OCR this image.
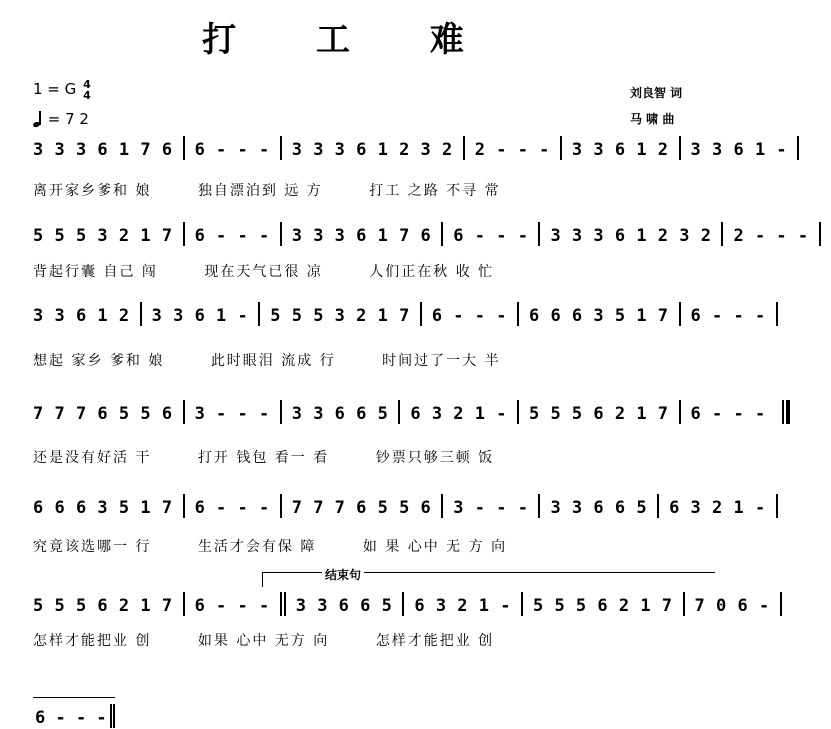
打 工 难
1 = G 4
4
= 7 2
刘良智 词
马 啸 曲
3 3 3 6 1 7 6 6 - - - 3 3 3 6 1 2 3 2 2 - - - 3 3 6 1 2 3 3 6 1 -
离开家乡爹和 娘	独自漂泊到 远 方	打工 之路 不寻 常
5 5 5 3 2 1 7 6 - - - 3 3 3 6 1 7 6 6 - - - 3 3 3 6 1 2 3 2 2 - - -
背起行囊 自己 闯	现在天气已很 凉	人们正在秋 收 忙
3 3 6 1 2 3 3 6 1 - 5 5 5 3 2 1 7 6 - - - 6 6 6 3 5 1 7 6 - - -
想起 家乡 爹和 娘	此时眼泪 流成 行	时间过了一大 半
7 7 7 6 5 5 6 3 - - - 3 3 6 6 5 6 3 2 1 - 5 5 5 6 2 1 7 6 - - -
还是没有好活 干	打开 钱包 看一 看	钞票只够三顿 饭
6 6 6 3 5 1 7 6 - - - 7 7 7 6 5 5 6 3 - - - 3 3 6 6 5 6 3 2 1 -
究竟该选哪一 行	生活才会有保 障	如 果 心中 无 方 向
结束句
5 5 5 6 2 1 7 6 - - - 3 3 6 6 5 6 3 2 1 - 5 5 5 6 2 1 7 7 0 6 -
怎样才能把业 创	如果 心中 无方 向	怎样才能把业 创
6 - - -
